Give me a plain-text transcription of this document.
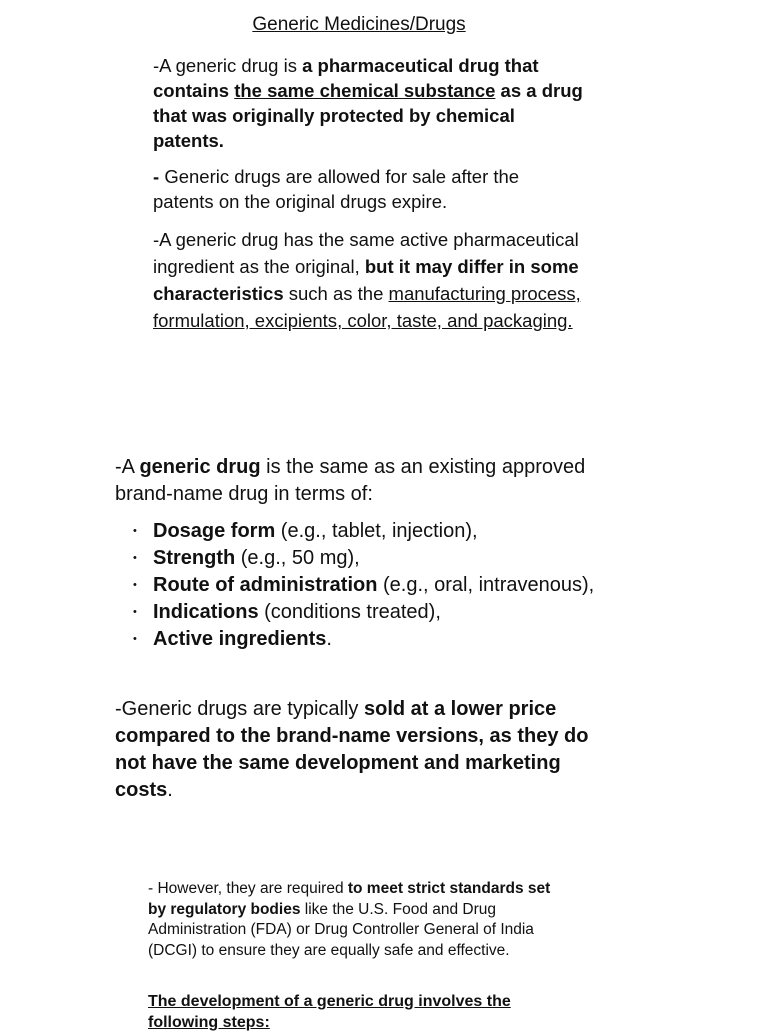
Generic Medicines/Drugs

-A generic drug is a pharmaceutical drug that contains the same chemical substance as a drug that was originally protected by chemical patents.

- Generic drugs are allowed for sale after the patents on the original drugs expire.

-A generic drug has the same active pharmaceutical ingredient as the original, but it may differ in some characteristics such as the manufacturing process, formulation, excipients, color, taste, and packaging.

-A generic drug is the same as an existing approved brand-name drug in terms of:

• Dosage form (e.g., tablet, injection),
• Strength (e.g., 50 mg),
• Route of administration (e.g., oral, intravenous),
• Indications (conditions treated),
• Active ingredients.

-Generic drugs are typically sold at a lower price compared to the brand-name versions, as they do not have the same development and marketing costs.

- However, they are required to meet strict standards set by regulatory bodies like the U.S. Food and Drug Administration (FDA) or Drug Controller General of India (DCGI) to ensure they are equally safe and effective.

The development of a generic drug involves the following steps:
